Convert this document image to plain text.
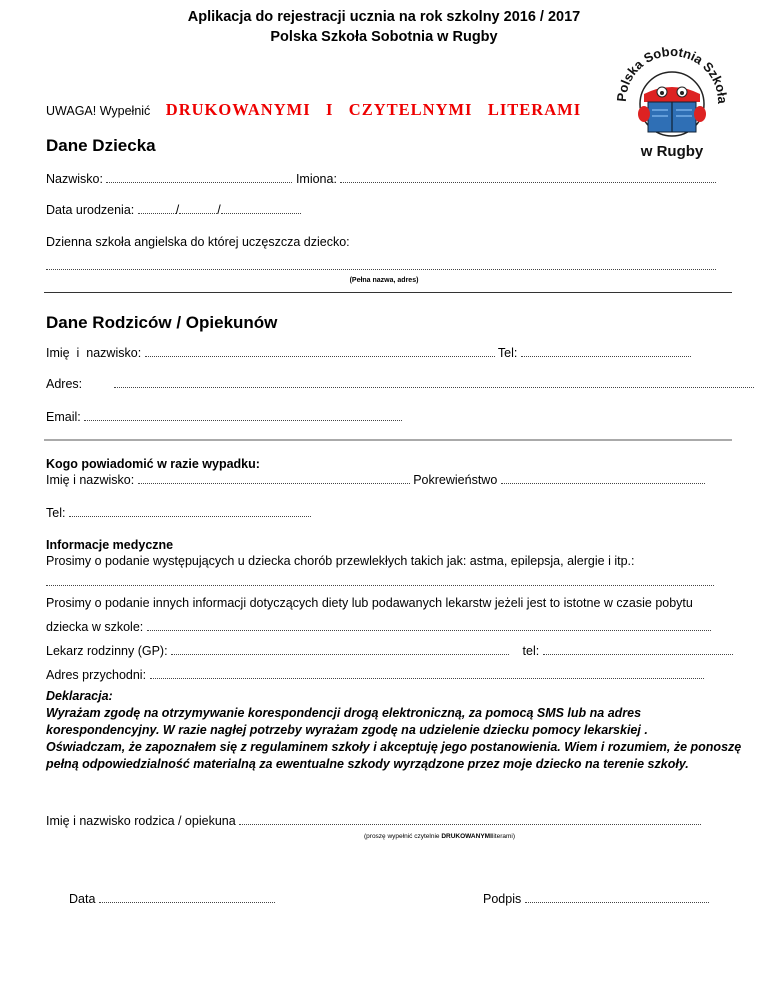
Aplikacja do rejestracji ucznia na rok szkolny 2016 / 2017
Polska Szkoła Sobotnia w Rugby
Polska Sobotnia Szkoła
w Rugby
UWAGA! Wypełnić DRUKOWANYMI   I   CZYTELNYMI   LITERAMI
Dane Dziecka
Nazwisko:	Imiona:
Data urodzenia:	/	/
Dzienna szkoła angielska do której uczęszcza dziecko:
(Pełna nazwa, adres)
Dane Rodziców / Opiekunów
Imię  i  nazwisko:	Tel:
Adres:
Email:
Kogo powiadomić w razie wypadku:
Imię i nazwisko:	Pokrewieństwo
Tel:
Informacje medyczne
Prosimy o podanie występujących u dziecka chorób przewlekłych takich jak: astma, epilepsja, alergie i itp.:
Prosimy o podanie innych informacji dotyczących diety lub podawanych lekarstw jeżeli jest to istotne w czasie pobytu
dziecka w szkole:
Lekarz rodzinny (GP):	tel:
Adres przychodni:
Deklaracja:
Wyrażam zgodę na otrzymywanie korespondencji drogą elektroniczną, za pomocą SMS lub na adres
korespondencyjny. W razie nagłej potrzeby wyrażam zgodę na udzielenie dziecku pomocy lekarskiej .
Oświadczam, że zapoznałem się z regulaminem szkoły i akceptuję jego postanowienia. Wiem i rozumiem, że ponoszę
pełną odpowiedzialność materialną za ewentualne szkody wyrządzone przez moje dziecko na terenie szkoły.
Imię i nazwisko rodzica / opiekuna
(proszę wypełnić czytelnie DRUKOWANYMIliterami)
Data	Podpis
